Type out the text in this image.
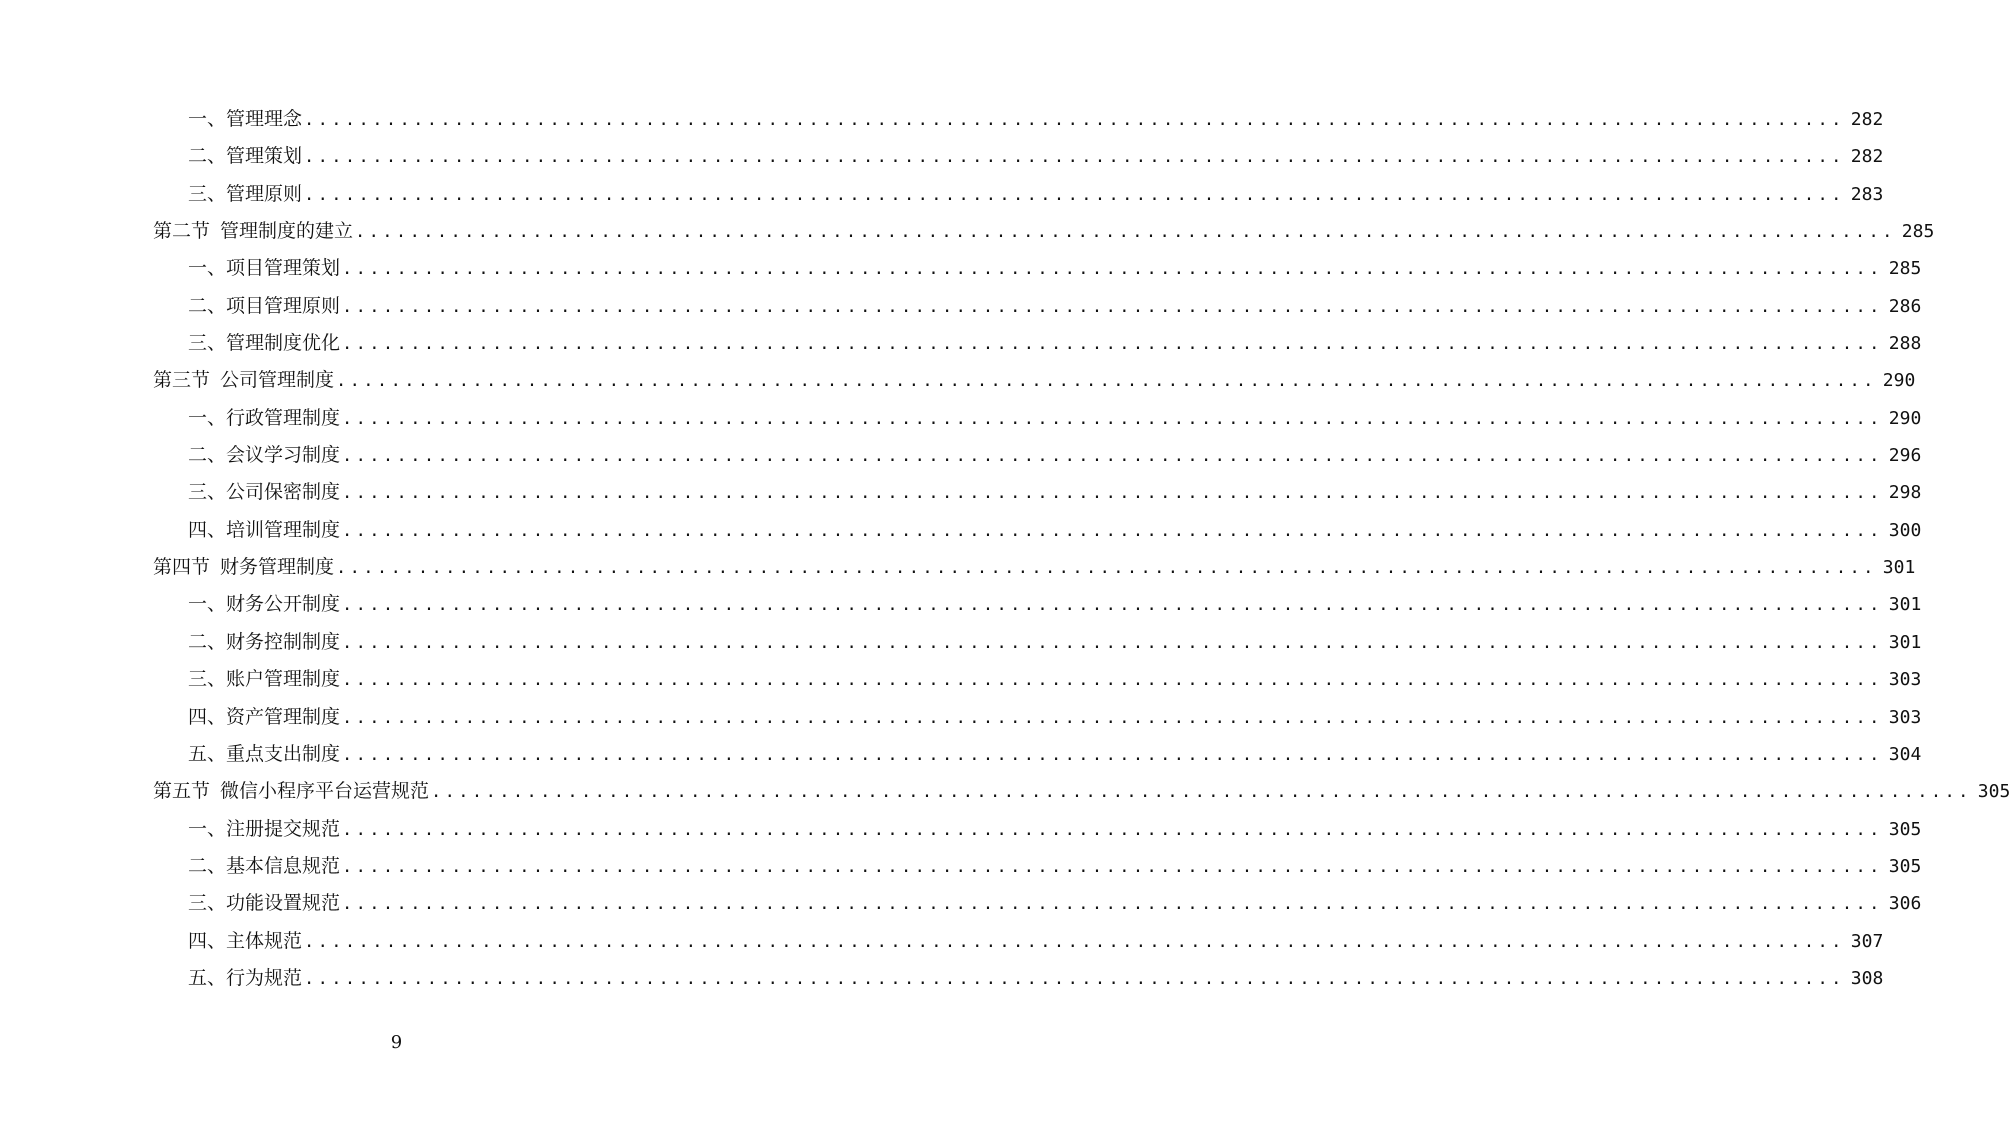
一、管理理念 ................................................................................................................. 282
二、管理策划 ................................................................................................................. 282
三、管理原则 ................................................................................................................. 283
第二节 管理制度的建立 ................................................................................................................. 285
一、项目管理策划 ................................................................................................................. 285
二、项目管理原则 ................................................................................................................. 286
三、管理制度优化 ................................................................................................................. 288
第三节 公司管理制度 ................................................................................................................. 290
一、行政管理制度 ................................................................................................................. 290
二、会议学习制度 ................................................................................................................. 296
三、公司保密制度 ................................................................................................................. 298
四、培训管理制度 ................................................................................................................. 300
第四节 财务管理制度 ................................................................................................................. 301
一、财务公开制度 ................................................................................................................. 301
二、财务控制制度 ................................................................................................................. 301
三、账户管理制度 ................................................................................................................. 303
四、资产管理制度 ................................................................................................................. 303
五、重点支出制度 ................................................................................................................. 304
第五节 微信小程序平台运营规范 ................................................................................................................. 305
一、注册提交规范 ................................................................................................................. 305
二、基本信息规范 ................................................................................................................. 305
三、功能设置规范 ................................................................................................................. 306
四、主体规范 ................................................................................................................. 307
五、行为规范 ................................................................................................................. 308
9
